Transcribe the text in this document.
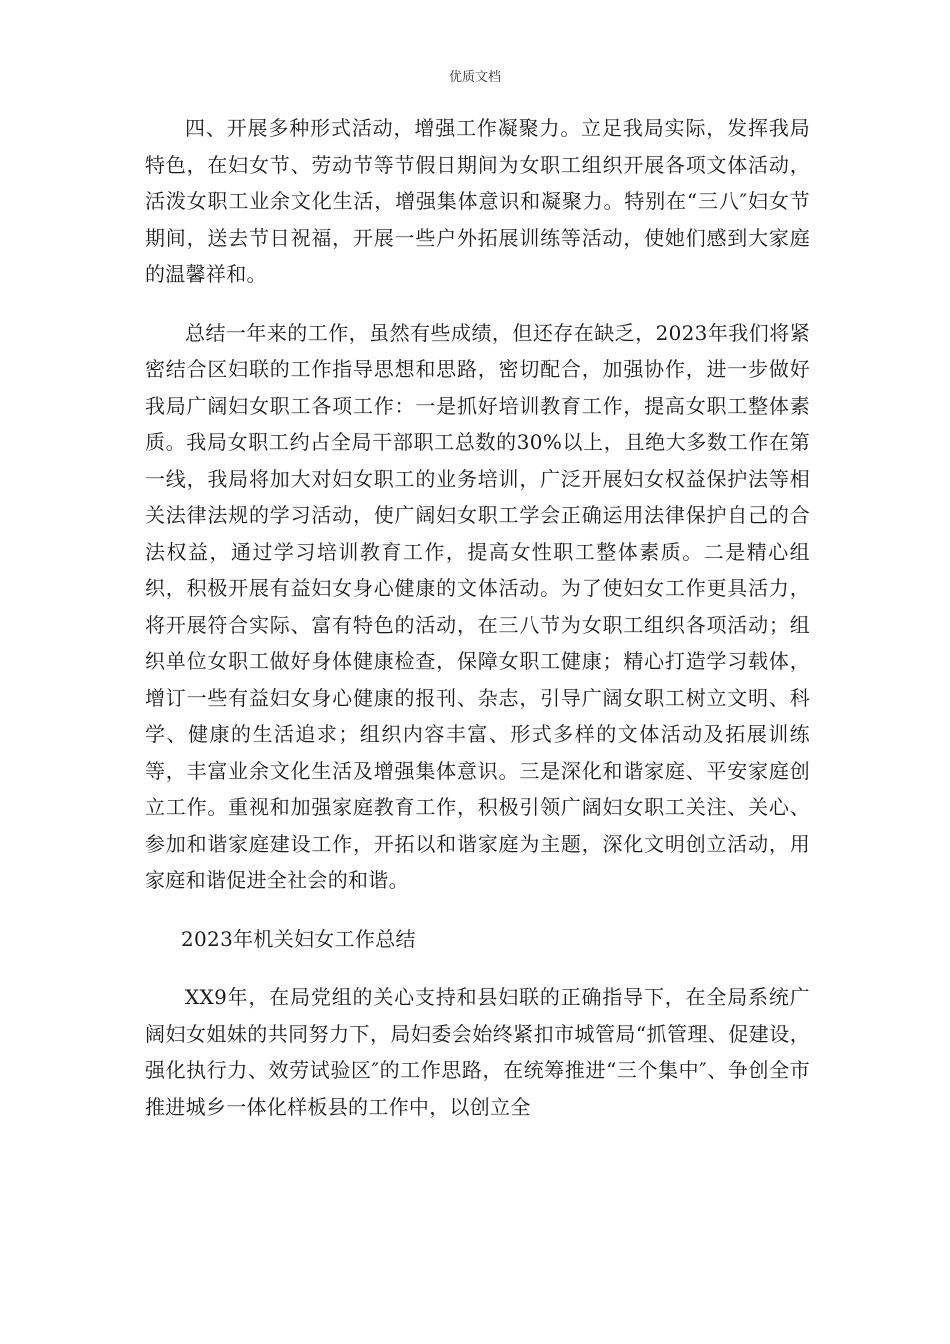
优质文档

四、开展多种形式活动，增强工作凝聚力。立足我局实际，发挥我局特色，在妇女节、劳动节等节假日期间为女职工组织开展各项文体活动，活泼女职工业余文化生活，增强集体意识和凝聚力。特别在“三八″妇女节期间，送去节日祝福，开展一些户外拓展训练等活动，使她们感到大家庭的温馨祥和。

总结一年来的工作，虽然有些成绩，但还存在缺乏，2023年我们将紧密结合区妇联的工作指导思想和思路，密切配合，加强协作，进一步做好我局广阔妇女职工各项工作：一是抓好培训教育工作，提高女职工整体素质。我局女职工约占全局干部职工总数的30%以上，且绝大多数工作在第一线，我局将加大对妇女职工的业务培训，广泛开展妇女权益保护法等相关法律法规的学习活动，使广阔妇女职工学会正确运用法律保护自己的合法权益，通过学习培训教育工作，提高女性职工整体素质。二是精心组织，积极开展有益妇女身心健康的文体活动。为了使妇女工作更具活力，将开展符合实际、富有特色的活动，在三八节为女职工组织各项活动；组织单位女职工做好身体健康检查，保障女职工健康；精心打造学习载体，增订一些有益妇女身心健康的报刊、杂志，引导广阔女职工树立文明、科学、健康的生活追求；组织内容丰富、形式多样的文体活动及拓展训练等，丰富业余文化生活及增强集体意识。三是深化和谐家庭、平安家庭创立工作。重视和加强家庭教育工作，积极引领广阔妇女职工关注、关心、参加和谐家庭建设工作，开拓以和谐家庭为主题，深化文明创立活动，用家庭和谐促进全社会的和谐。

2023年机关妇女工作总结

XX9年，在局党组的关心支持和县妇联的正确指导下，在全局系统广阔妇女姐妹的共同努力下，局妇委会始终紧扣市城管局“抓管理、促建设，强化执行力、效劳试验区″的工作思路，在统筹推进“三个集中″、争创全市推进城乡一体化样板县的工作中，以创立全
